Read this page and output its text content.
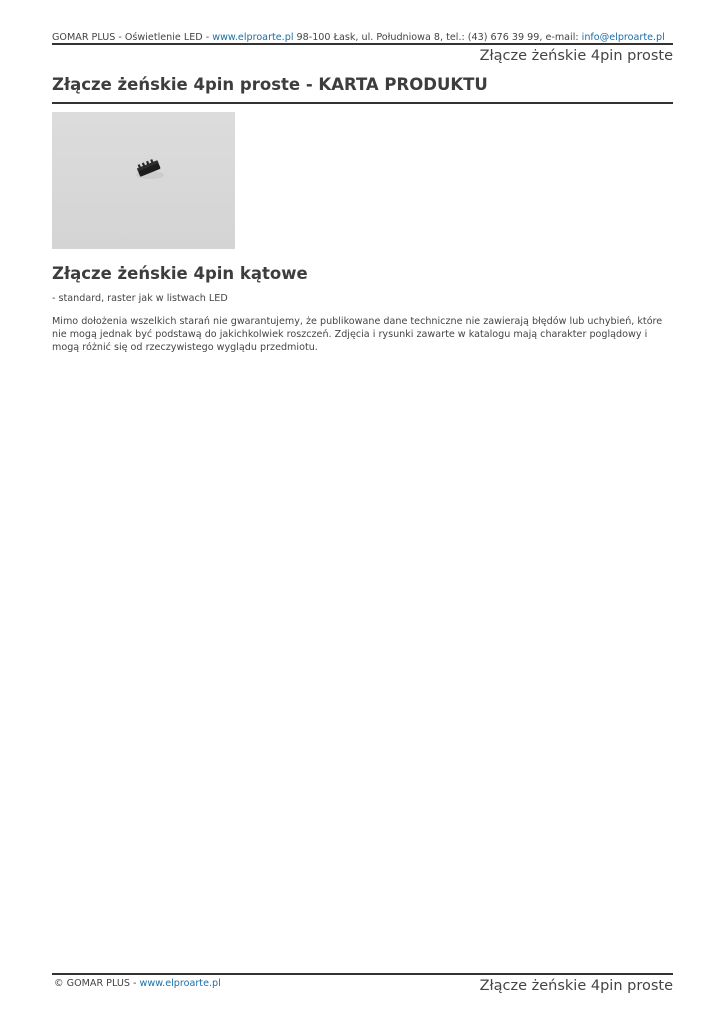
GOMAR PLUS - Oświetlenie LED - www.elproarte.pl 98-100 Łask, ul. Południowa 8, tel.: (43) 676 39 99, e-mail: info@elproarte.pl
Złącze żeńskie 4pin proste
Złącze żeńskie 4pin proste - KARTA PRODUKTU
Złącze żeńskie 4pin kątowe
- standard, raster jak w listwach LED
Mimo dołożenia wszelkich starań nie gwarantujemy, że publikowane dane techniczne nie zawierają błędów lub uchybień, które nie mogą jednak być podstawą do jakichkolwiek roszczeń. Zdjęcia i rysunki zawarte w katalogu mają charakter poglądowy i mogą różnić się od rzeczywistego wyglądu przedmiotu.
© GOMAR PLUS - www.elproarte.pl	Złącze żeńskie 4pin proste
